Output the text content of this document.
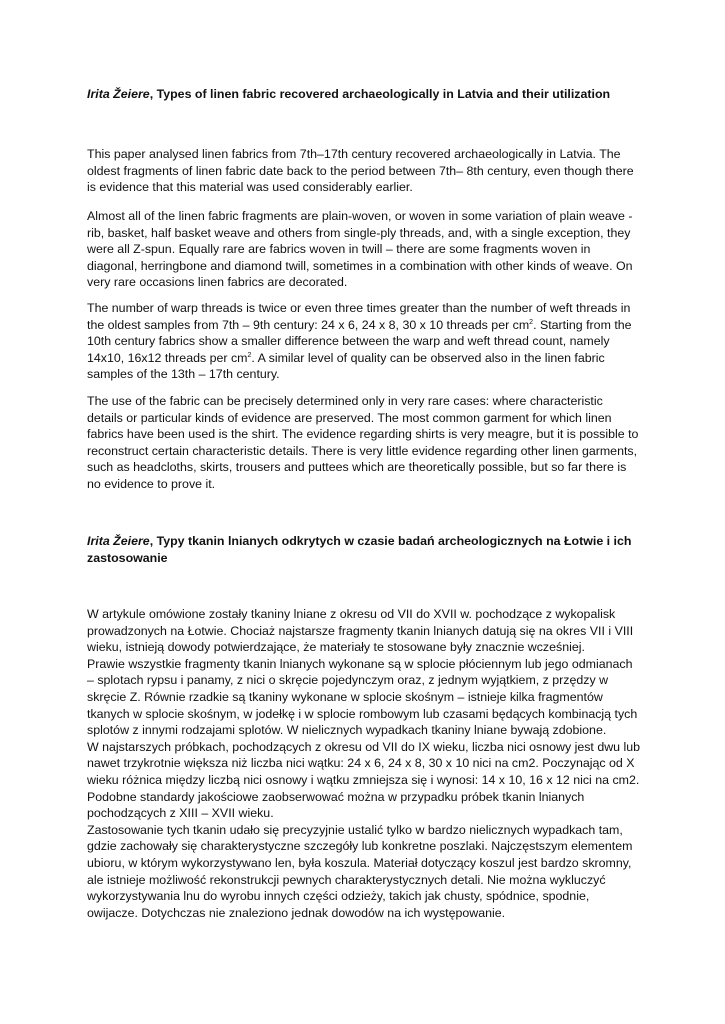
Irita Žeiere, Types of linen fabric recovered archaeologically in Latvia and their utilization

This paper analysed linen fabrics from 7th–17th century recovered archaeologically in Latvia. The oldest fragments of linen fabric date back to the period between 7th– 8th century, even though there is evidence that this material was used considerably earlier.

Almost all of the linen fabric fragments are plain-woven, or woven in some variation of plain weave - rib, basket, half basket weave and others from single-ply threads, and, with a single exception, they were all Z-spun. Equally rare are fabrics woven in twill – there are some fragments woven in diagonal, herringbone and diamond twill, sometimes in a combination with other kinds of weave. On very rare occasions linen fabrics are decorated.

The number of warp threads is twice or even three times greater than the number of weft threads in the oldest samples from 7th – 9th century: 24 x 6, 24 x 8, 30 x 10 threads per $cm^2$. Starting from the 10th century fabrics show a smaller difference between the warp and weft thread count, namely 14x10, 16x12 threads per $cm^2$. A similar level of quality can be observed also in the linen fabric samples of the 13th – 17th century.

The use of the fabric can be precisely determined only in very rare cases: where characteristic details or particular kinds of evidence are preserved. The most common garment for which linen fabrics have been used is the shirt. The evidence regarding shirts is very meagre, but it is possible to reconstruct certain characteristic details. There is very little evidence regarding other linen garments, such as headcloths, skirts, trousers and puttees which are theoretically possible, but so far there is no evidence to prove it.

Irita Žeiere, Typy tkanin lnianych odkrytych w czasie badań archeologicznych na Łotwie i ich zastosowanie

W artykule omówione zostały tkaniny lniane z okresu od VII do XVII w. pochodzące z wykopalisk prowadzonych na Łotwie. Chociaż najstarsze fragmenty tkanin lnianych datują się na okres VII i VIII wieku, istnieją dowody potwierdzające, że materiały te stosowane były znacznie wcześniej.

Prawie wszystkie fragmenty tkanin lnianych wykonane są w splocie płóciennym lub jego odmianach – splotach rypsu i panamy, z nici o skręcie pojedynczym oraz, z jednym wyjątkiem, z przędzy w skręcie Z. Równie rzadkie są tkaniny wykonane w splocie skośnym – istnieje kilka fragmentów tkanych w splocie skośnym, w jodełkę i w splocie rombowym lub czasami będących kombinacją tych splotów z innymi rodzajami splotów. W nielicznych wypadkach tkaniny lniane bywają zdobione.

W najstarszych próbkach, pochodzących z okresu od VII do IX wieku, liczba nici osnowy jest dwu lub nawet trzykrotnie większa niż liczba nici wątku: 24 x 6, 24 x 8, 30 x 10 nici na cm2. Poczynając od X wieku różnica między liczbą nici osnowy i wątku zmniejsza się i wynosi: 14 x 10, 16 x 12 nici na cm2. Podobne standardy jakościowe zaobserwować można w przypadku próbek tkanin lnianych pochodzących z XIII – XVII wieku.

Zastosowanie tych tkanin udało się precyzyjnie ustalić tylko w bardzo nielicznych wypadkach tam, gdzie zachowały się charakterystyczne szczegóły lub konkretne poszlaki. Najczęstszym elementem ubioru, w którym wykorzystywano len, była koszula. Materiał dotyczący koszul jest bardzo skromny, ale istnieje możliwość rekonstrukcji pewnych charakterystycznych detali. Nie można wykluczyć wykorzystywania lnu do wyrobu innych części odzieży, takich jak chusty, spódnice, spodnie, owijacze. Dotychczas nie znaleziono jednak dowodów na ich występowanie.
